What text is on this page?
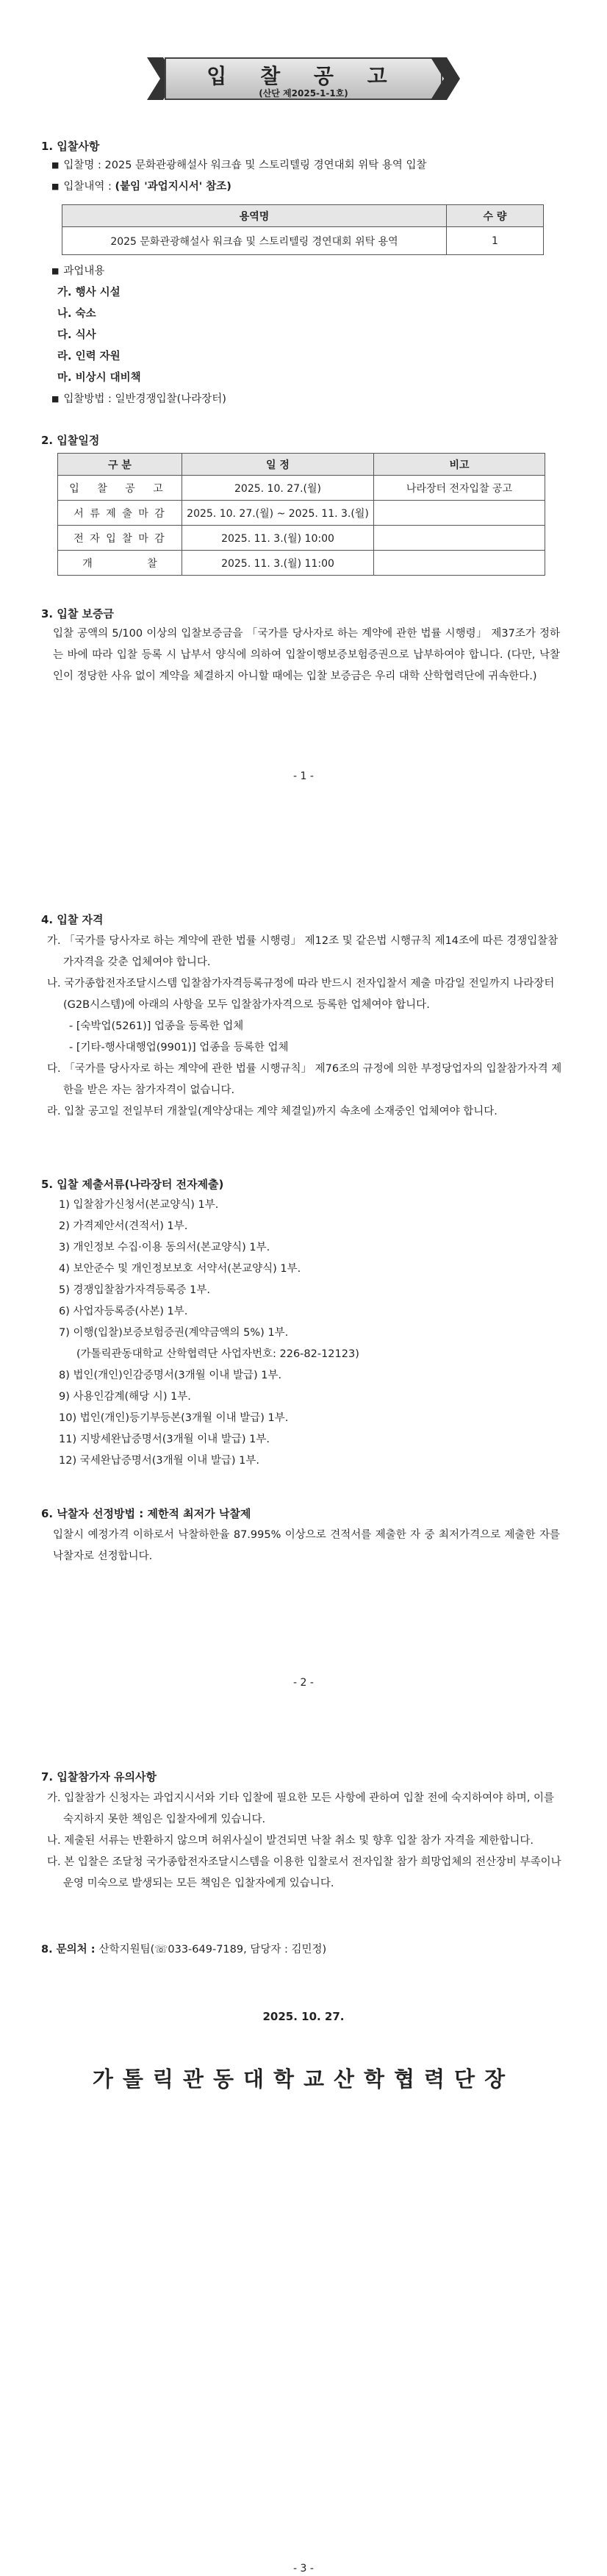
입 찰 공 고
(산단 제2025-1-1호)
1. 입찰사항
■ 입찰명 : 2025 문화관광해설사 워크숍 및 스토리텔링 경연대회 위탁 용역 입찰
■ 입찰내역 : (붙임 '과업지시서' 참조)
용역명	수 량
2025 문화관광해설사 워크숍 및 스토리텔링 경연대회 위탁 용역	1
■ 과업내용
가. 행사 시설
나. 숙소
다. 식사
라. 인력 자원
마. 비상시 대비책
■ 입찰방법 : 일반경쟁입찰(나라장터)
2. 입찰일정
구 분	일 정	비고
입 찰 공 고	2025. 10. 27.(월)	나라장터 전자입찰 공고
서 류 제 출 마 감	2025. 10. 27.(월) ~ 2025. 11. 3.(월)	
전 자 입 찰 마 감	2025. 11. 3.(월) 10:00	
개 찰	2025. 11. 3.(월) 11:00	
3. 입찰 보증금
입찰 공액의 5/100 이상의 입찰보증금을 「국가를 당사자로 하는 계약에 관한 법률 시행령」 제37조가 정하는 바에 따라 입찰 등록 시 납부서 양식에 의하여 입찰이행보증보험증권으로 납부하여야 합니다. (다만, 낙찰인이 정당한 사유 없이 계약을 체결하지 아니할 때에는 입찰 보증금은 우리 대학 산학협력단에 귀속한다.)
- 1 -
4. 입찰 자격
가. 「국가를 당사자로 하는 계약에 관한 법률 시행령」 제12조 및 같은법 시행규칙 제14조에 따른 경쟁입찰참가자격을 갖춘 업체여야 합니다.
나. 국가종합전자조달시스템 입찰참가자격등록규정에 따라 반드시 전자입찰서 제출 마감일 전일까지 나라장터(G2B시스템)에 아래의 사항을 모두 입찰참가자격으로 등록한 업체여야 합니다.
- [숙박업(5261)] 업종을 등록한 업체
- [기타-행사대행업(9901)] 업종을 등록한 업체
다. 「국가를 당사자로 하는 계약에 관한 법률 시행규칙」 제76조의 규정에 의한 부정당업자의 입찰참가자격 제한을 받은 자는 참가자격이 없습니다.
라. 입찰 공고일 전일부터 개찰일(계약상대는 계약 체결일)까지 속초에 소재중인 업체여야 합니다.
5. 입찰 제출서류(나라장터 전자제출)
1) 입찰참가신청서(본교양식) 1부.
2) 가격제안서(견적서) 1부.
3) 개인정보 수집·이용 동의서(본교양식) 1부.
4) 보안준수 및 개인정보보호 서약서(본교양식) 1부.
5) 경쟁입찰참가자격등록증 1부.
6) 사업자등록증(사본) 1부.
7) 이행(입찰)보증보험증권(계약금액의 5%) 1부.
(가톨릭관동대학교 산학협력단 사업자번호: 226-82-12123)
8) 법인(개인)인감증명서(3개월 이내 발급) 1부.
9) 사용인감계(해당 시) 1부.
10) 법인(개인)등기부등본(3개월 이내 발급) 1부.
11) 지방세완납증명서(3개월 이내 발급) 1부.
12) 국세완납증명서(3개월 이내 발급) 1부.
6. 낙찰자 선정방법 : 제한적 최저가 낙찰제
입찰시 예정가격 이하로서 낙찰하한율 87.995% 이상으로 견적서를 제출한 자 중 최저가격으로 제출한 자를 낙찰자로 선정합니다.
- 2 -
7. 입찰참가자 유의사항
가. 입찰참가 신청자는 과업지시서와 기타 입찰에 필요한 모든 사항에 관하여 입찰 전에 숙지하여야 하며, 이를 숙지하지 못한 책임은 입찰자에게 있습니다.
나. 제출된 서류는 반환하지 않으며 허위사실이 발견되면 낙찰 취소 및 향후 입찰 참가 자격을 제한합니다.
다. 본 입찰은 조달청 국가종합전자조달시스템을 이용한 입찰로서 전자입찰 참가 희망업체의 전산장비 부족이나 운영 미숙으로 발생되는 모든 책임은 입찰자에게 있습니다.
8. 문의처 : 산학지원팀(☏033-649-7189, 담당자 : 김민정)
2025. 10. 27.
가톨릭관동대학교산학협력단장
- 3 -
